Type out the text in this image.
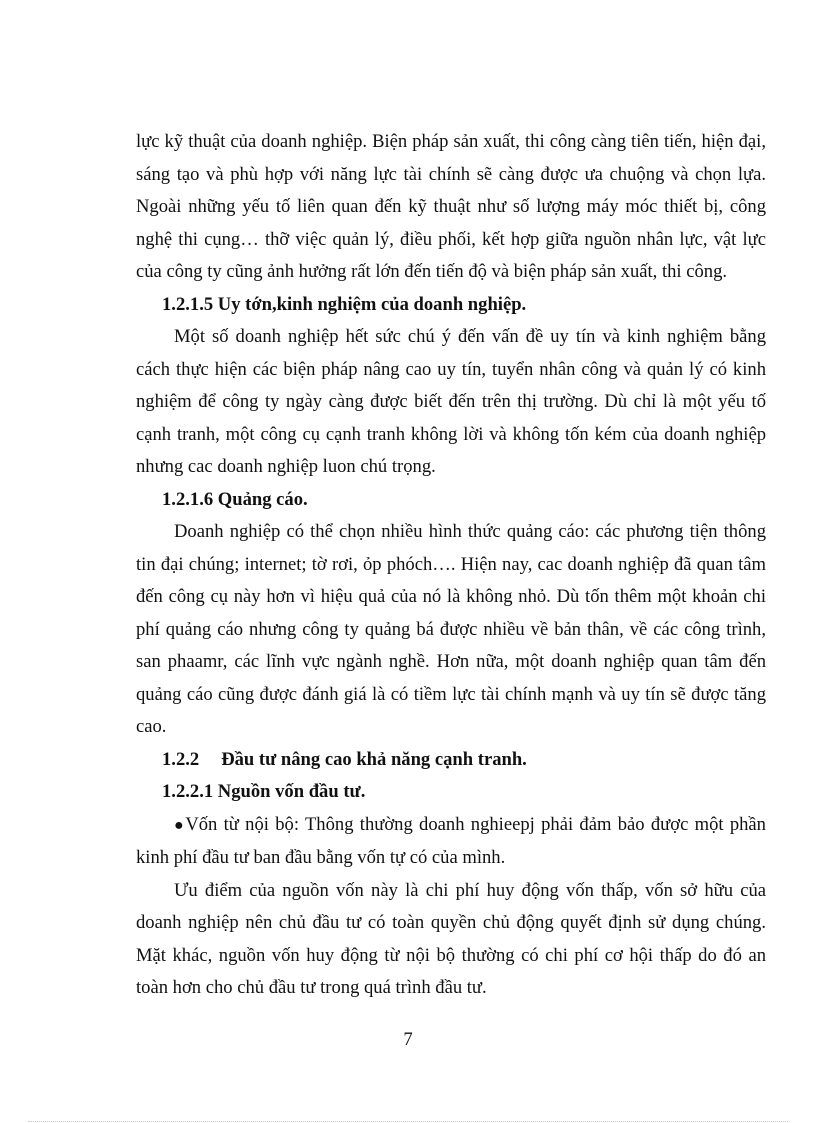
lực kỹ thuật của doanh nghiệp. Biện pháp sản xuất, thi công càng tiên tiến, hiện đại, sáng tạo và phù hợp với năng lực tài chính sẽ càng được ưa chuộng và chọn lựa. Ngoài những yếu tố liên quan đến kỹ thuật như số lượng máy móc thiết bị, công nghệ thi cụng… thỡ việc quản lý, điều phối, kết hợp giữa nguồn nhân lực, vật lực của công ty cũng ảnh hưởng rất lớn đến tiến độ và biện pháp sản xuất, thi công.

1.2.1.5 Uy tớn,kinh nghiệm của doanh nghiệp.

Một số doanh nghiệp hết sức chú ý đến vấn đề uy tín và kinh nghiệm bằng cách thực hiện các biện pháp nâng cao uy tín, tuyển nhân công và quản lý có kinh nghiệm để công ty ngày càng được biết đến trên thị trường. Dù chỉ là một yếu tố cạnh tranh, một công cụ cạnh tranh không lời và không tốn kém của doanh nghiệp nhưng cac doanh nghiệp luon chú trọng.

1.2.1.6 Quảng cáo.

Doanh nghiệp có thể chọn nhiều hình thức quảng cáo: các phương tiện thông tin đại chúng; internet; tờ rơi, ỏp phóch…. Hiện nay, cac doanh nghiệp đã quan tâm đến công cụ này hơn vì hiệu quả của nó là không nhỏ. Dù tốn thêm một khoản chi phí quảng cáo nhưng công ty quảng bá được nhiều về bản thân, về các công trình, san phaamr, các lĩnh vực ngành nghề. Hơn nữa, một doanh nghiệp quan tâm đến quảng cáo cũng được đánh giá là có tiềm lực tài chính mạnh và uy tín sẽ được tăng cao.

1.2.2 Đầu tư nâng cao khả năng cạnh tranh.

1.2.2.1 Nguồn vốn đầu tư.

●Vốn từ nội bộ: Thông thường doanh nghieepj phải đảm bảo được một phần kinh phí đầu tư ban đầu bằng vốn tự có của mình.

Ưu điểm của nguồn vốn này là chi phí huy động vốn thấp, vốn sở hữu của doanh nghiệp nên chủ đầu tư có toàn quyền chủ động quyết định sử dụng chúng. Mặt khác, nguồn vốn huy động từ nội bộ thường có chi phí cơ hội thấp do đó an toàn hơn cho chủ đầu tư trong quá trình đầu tư.

7
